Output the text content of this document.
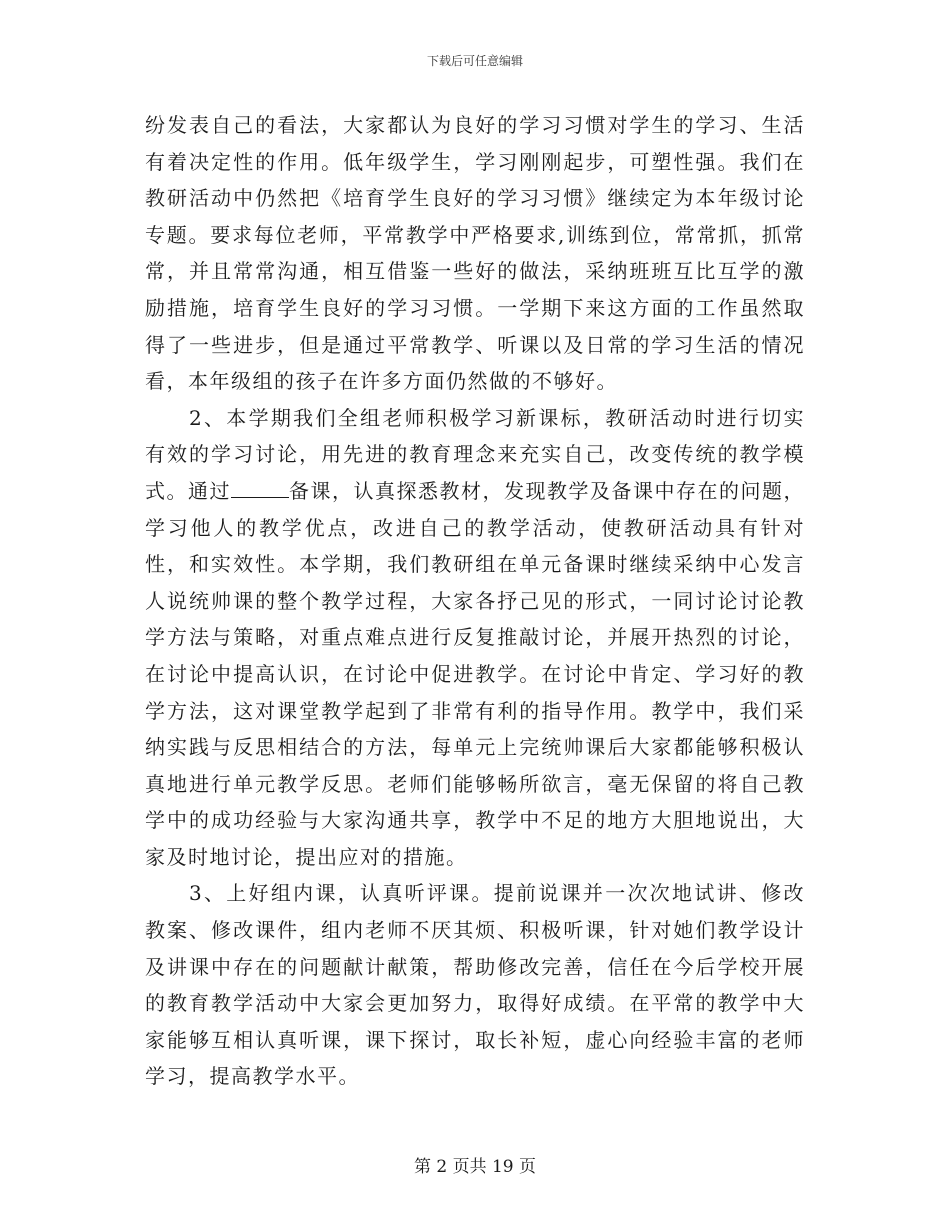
下载后可任意编辑

纷发表自己的看法，大家都认为良好的学习习惯对学生的学习、生活有着决定性的作用。低年级学生，学习刚刚起步，可塑性强。我们在教研活动中仍然把《培育学生良好的学习习惯》继续定为本年级讨论专题。要求每位老师，平常教学中严格要求,训练到位，常常抓，抓常常，并且常常沟通，相互借鉴一些好的做法，采纳班班互比互学的激励措施，培育学生良好的学习习惯。一学期下来这方面的工作虽然取得了一些进步，但是通过平常教学、听课以及日常的学习生活的情况看，本年级组的孩子在许多方面仍然做的不够好。

2、本学期我们全组老师积极学习新课标，教研活动时进行切实有效的学习讨论，用先进的教育理念来充实自己，改变传统的教学模式。通过	备课，认真探悉教材，发现教学及备课中存在的问题，学习他人的教学优点，改进自己的教学活动，使教研活动具有针对性，和实效性。本学期，我们教研组在单元备课时继续采纳中心发言人说统帅课的整个教学过程，大家各抒己见的形式，一同讨论讨论教学方法与策略，对重点难点进行反复推敲讨论，并展开热烈的讨论，在讨论中提高认识，在讨论中促进教学。在讨论中肯定、学习好的教学方法，这对课堂教学起到了非常有利的指导作用。教学中，我们采纳实践与反思相结合的方法，每单元上完统帅课后大家都能够积极认真地进行单元教学反思。老师们能够畅所欲言，毫无保留的将自己教学中的成功经验与大家沟通共享，教学中不足的地方大胆地说出，大家及时地讨论，提出应对的措施。

3、上好组内课，认真听评课。提前说课并一次次地试讲、修改教案、修改课件，组内老师不厌其烦、积极听课，针对她们教学设计及讲课中存在的问题献计献策，帮助修改完善，信任在今后学校开展的教育教学活动中大家会更加努力，取得好成绩。在平常的教学中大家能够互相认真听课，课下探讨，取长补短，虚心向经验丰富的老师学习，提高教学水平。

第 2 页共 19 页
